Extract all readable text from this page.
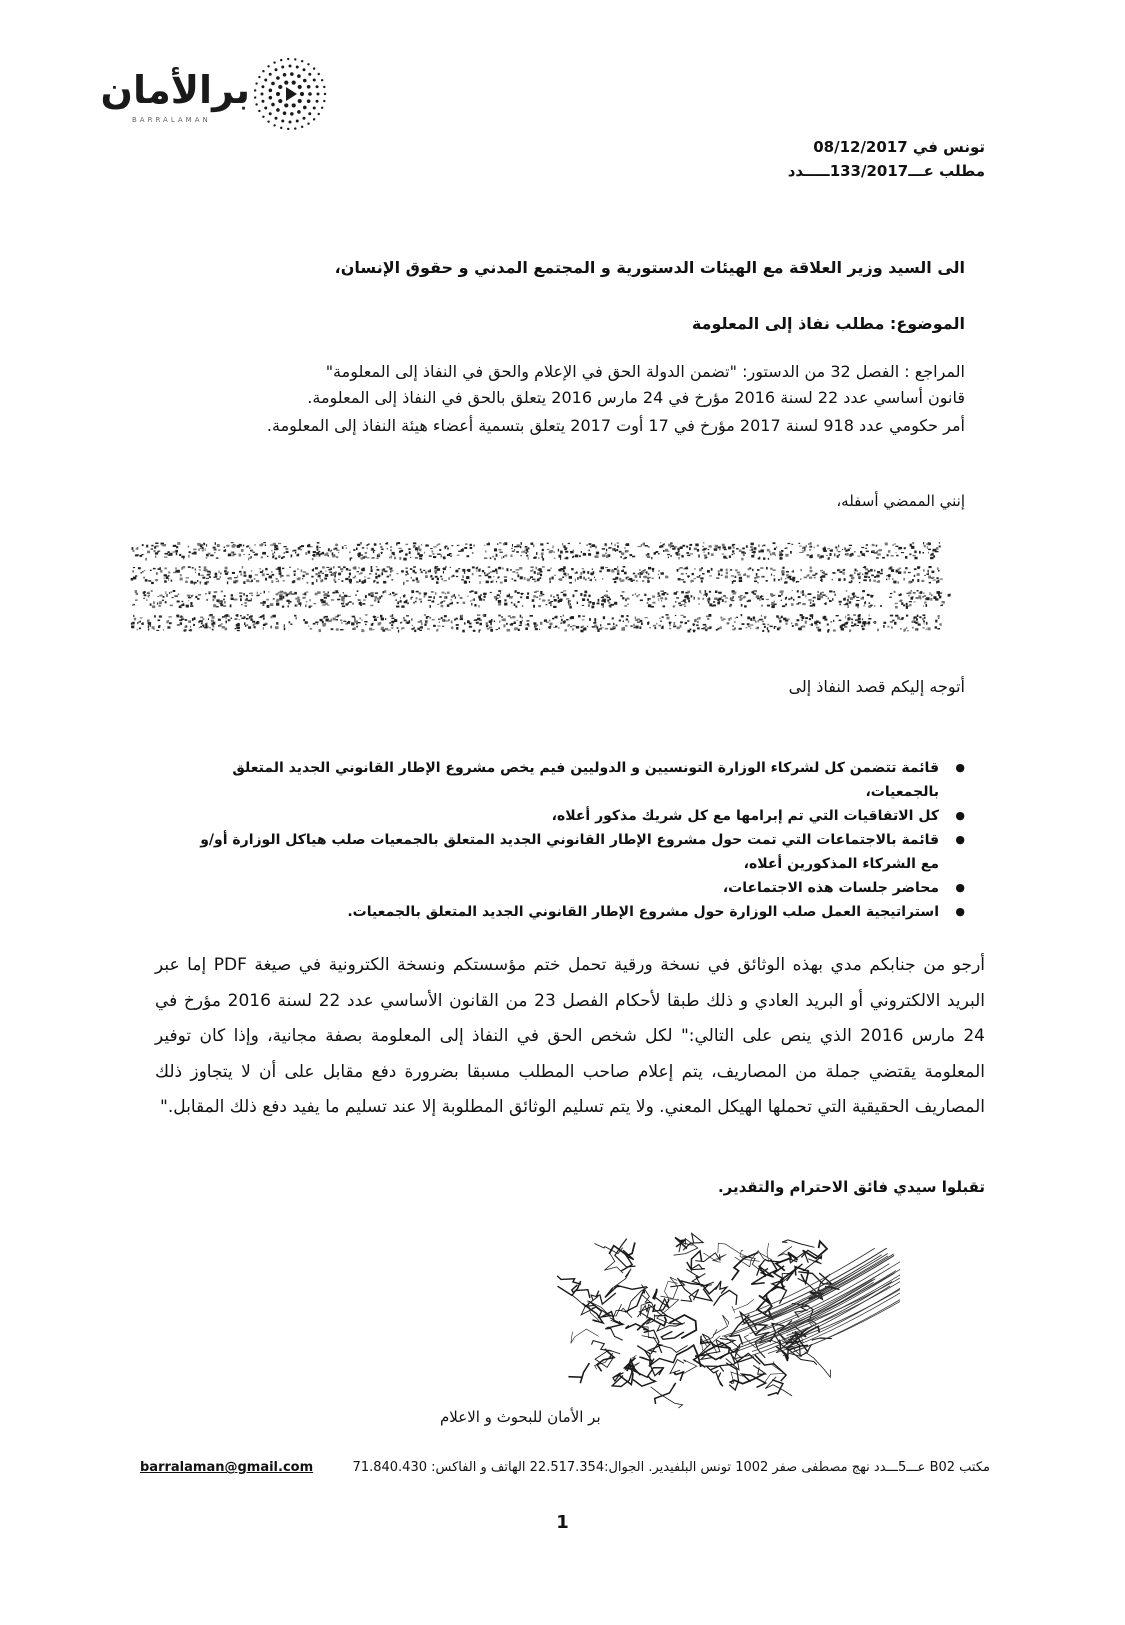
برالأمان
BARRALAMAN
تونس في 08/12/2017
مطلب عـــ133/2017ـــــدد
الى السيد وزير العلاقة مع الهيئات الدستورية و المجتمع المدني و حقوق الإنسان،
الموضوع: مطلب نفاذ إلى المعلومة
المراجع : الفصل 32 من الدستور: "تضمن الدولة الحق في الإعلام والحق في النفاذ إلى المعلومة"
قانون أساسي عدد 22 لسنة 2016 مؤرخ في 24 مارس 2016 يتعلق بالحق في النفاذ إلى المعلومة.
أمر حكومي عدد 918 لسنة 2017 مؤرخ في 17 أوت 2017 يتعلق بتسمية أعضاء هيئة النفاذ إلى المعلومة.
إنني الممضي أسفله،
أتوجه إليكم قصد النفاذ إلى
● قائمة تتضمن كل لشركاء الوزارة التونسيين و الدوليين فيم يخص مشروع الإطار القانوني الجديد المتعلق بالجمعيات،
● كل الاتفاقيات التي تم إبرامها مع كل شريك مذكور أعلاه،
● قائمة بالاجتماعات التي تمت حول مشروع الإطار القانوني الجديد المتعلق بالجمعيات صلب هياكل الوزارة أو/و مع الشركاء المذكورين أعلاه،
● محاضر جلسات هذه الاجتماعات،
● استراتيجية العمل صلب الوزارة حول مشروع الإطار القانوني الجديد المتعلق بالجمعيات.
أرجو من جنابكم مدي بهذه الوثائق في نسخة ورقية تحمل ختم مؤسستكم ونسخة الكترونية في صيغة PDF إما عبر البريد الالكتروني أو البريد العادي و ذلك طبقا لأحكام الفصل 23 من القانون الأساسي عدد 22 لسنة 2016 مؤرخ في 24 مارس 2016 الذي ينص على التالي:" لكل شخص الحق في النفاذ إلى المعلومة بصفة مجانية، وإذا كان توفير المعلومة يقتضي جملة من المصاريف، يتم إعلام صاحب المطلب مسبقا بضرورة دفع مقابل على أن لا يتجاوز ذلك المصاريف الحقيقية التي تحملها الهيكل المعني. ولا يتم تسليم الوثائق المطلوبة إلا عند تسليم ما يفيد دفع ذلك المقابل."
تقبلوا سيدي فائق الاحترام والتقدير.
بر الأمان للبحوث و الاعلام
barralaman@gmail.com	مكتب B02 عـــ5ـــدد نهج مصطفى صفر 1002 تونس البلفيدير. الجوال:22.517.354 الهاتف و الفاكس: 71.840.430
1
